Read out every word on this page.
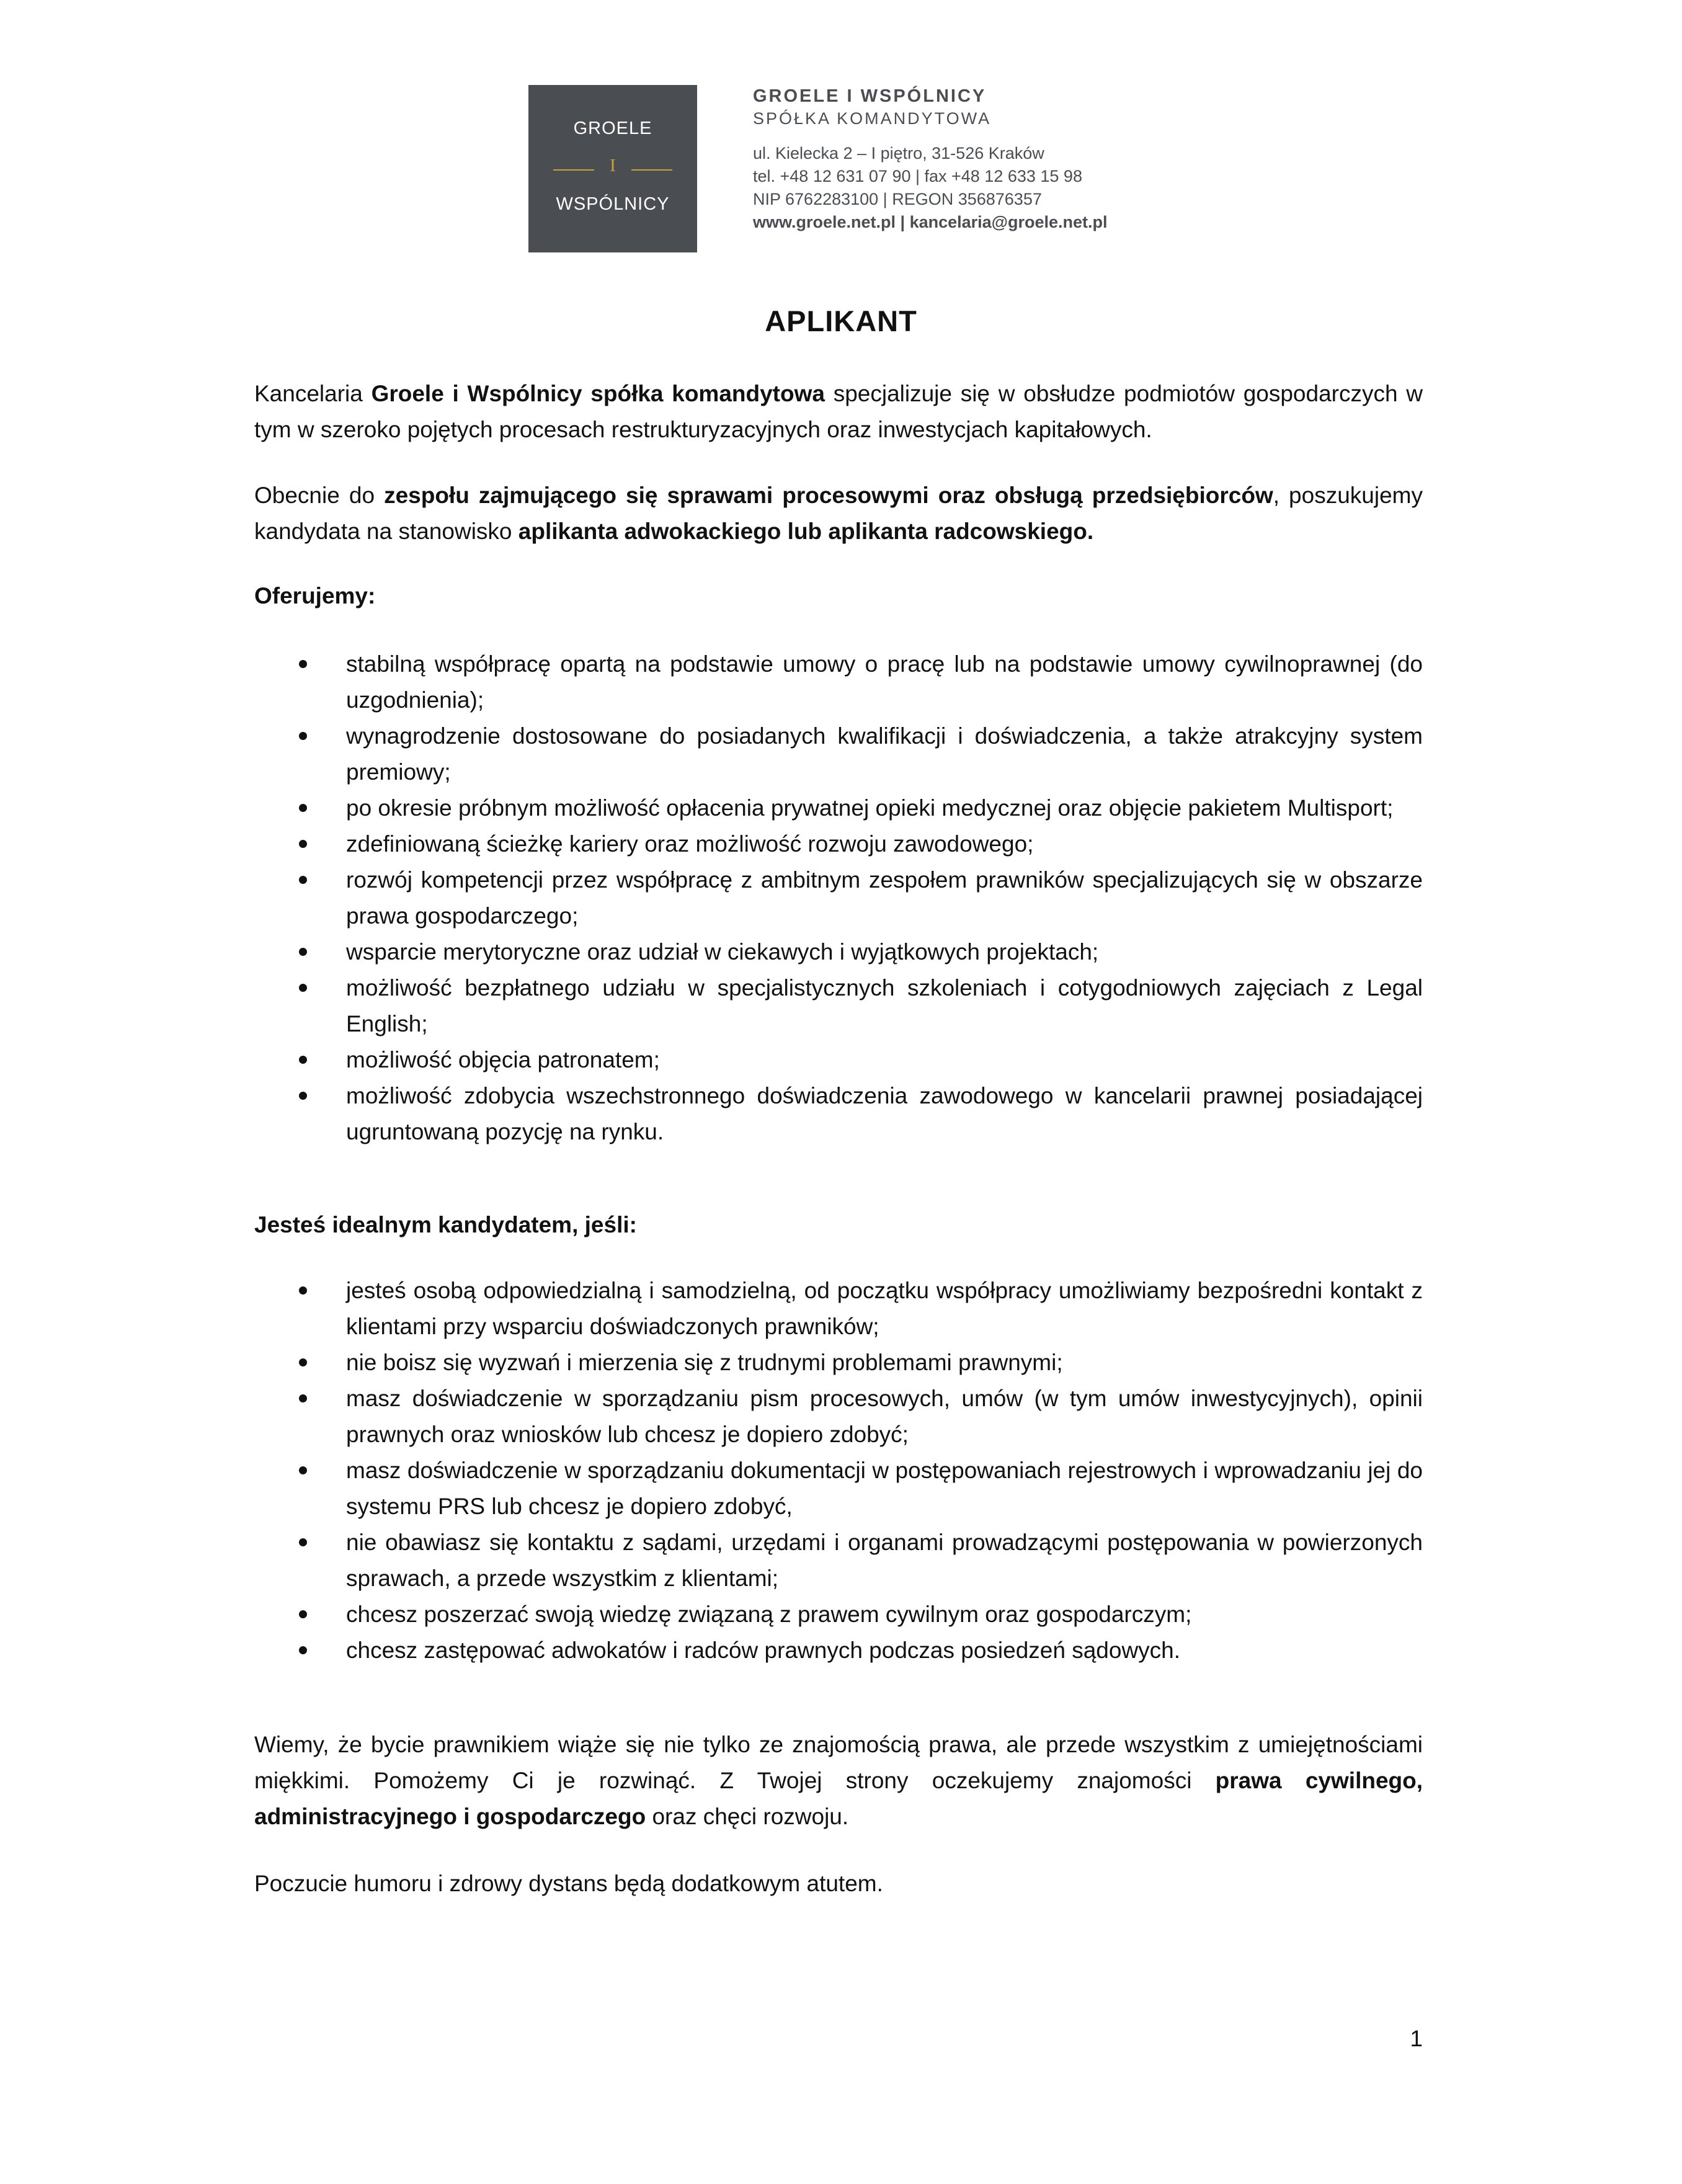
GROELE
I
WSPÓLNICY
GROELE I WSPÓLNICY
SPÓŁKA KOMANDYTOWA
ul. Kielecka 2 – I piętro, 31-526 Kraków
tel. +48 12 631 07 90 | fax +48 12 633 15 98
NIP 6762283100 | REGON 356876357
www.groele.net.pl | kancelaria@groele.net.pl
APLIKANT

Kancelaria Groele i Wspólnicy spółka komandytowa specjalizuje się w obsłudze podmiotów gospodarczych w tym w szeroko pojętych procesach restrukturyzacyjnych oraz inwestycjach kapitałowych.

Obecnie do zespołu zajmującego się sprawami procesowymi oraz obsługą przedsiębiorców, poszukujemy kandydata na stanowisko aplikanta adwokackiego lub aplikanta radcowskiego.

Oferujemy:
stabilną współpracę opartą na podstawie umowy o pracę lub na podstawie umowy cywilnoprawnej (do uzgodnienia);
wynagrodzenie dostosowane do posiadanych kwalifikacji i doświadczenia, a także atrakcyjny system premiowy;
po okresie próbnym możliwość opłacenia prywatnej opieki medycznej oraz objęcie pakietem Multisport;
zdefiniowaną ścieżkę kariery oraz możliwość rozwoju zawodowego;
rozwój kompetencji przez współpracę z ambitnym zespołem prawników specjalizujących się w obszarze prawa gospodarczego;
wsparcie merytoryczne oraz udział w ciekawych i wyjątkowych projektach;
możliwość bezpłatnego udziału w specjalistycznych szkoleniach i cotygodniowych zajęciach z Legal English;
możliwość objęcia patronatem;
możliwość zdobycia wszechstronnego doświadczenia zawodowego w kancelarii prawnej posiadającej ugruntowaną pozycję na rynku.
Jesteś idealnym kandydatem, jeśli:
jesteś osobą odpowiedzialną i samodzielną, od początku współpracy umożliwiamy bezpośredni kontakt z klientami przy wsparciu doświadczonych prawników;
nie boisz się wyzwań i mierzenia się z trudnymi problemami prawnymi;
masz doświadczenie w sporządzaniu pism procesowych, umów (w tym umów inwestycyjnych), opinii prawnych oraz wniosków lub chcesz je dopiero zdobyć;
masz doświadczenie w sporządzaniu dokumentacji w postępowaniach rejestrowych i wprowadzaniu jej do systemu PRS lub chcesz je dopiero zdobyć,
nie obawiasz się kontaktu z sądami, urzędami i organami prowadzącymi postępowania w powierzonych sprawach, a przede wszystkim z klientami;
chcesz poszerzać swoją wiedzę związaną z prawem cywilnym oraz gospodarczym;
chcesz zastępować adwokatów i radców prawnych podczas posiedzeń sądowych.

Wiemy, że bycie prawnikiem wiąże się nie tylko ze znajomością prawa, ale przede wszystkim z umiejętnościami miękkimi. Pomożemy Ci je rozwinąć. Z Twojej strony oczekujemy znajomości prawa cywilnego, administracyjnego i gospodarczego oraz chęci rozwoju.

Poczucie humoru i zdrowy dystans będą dodatkowym atutem.
1
